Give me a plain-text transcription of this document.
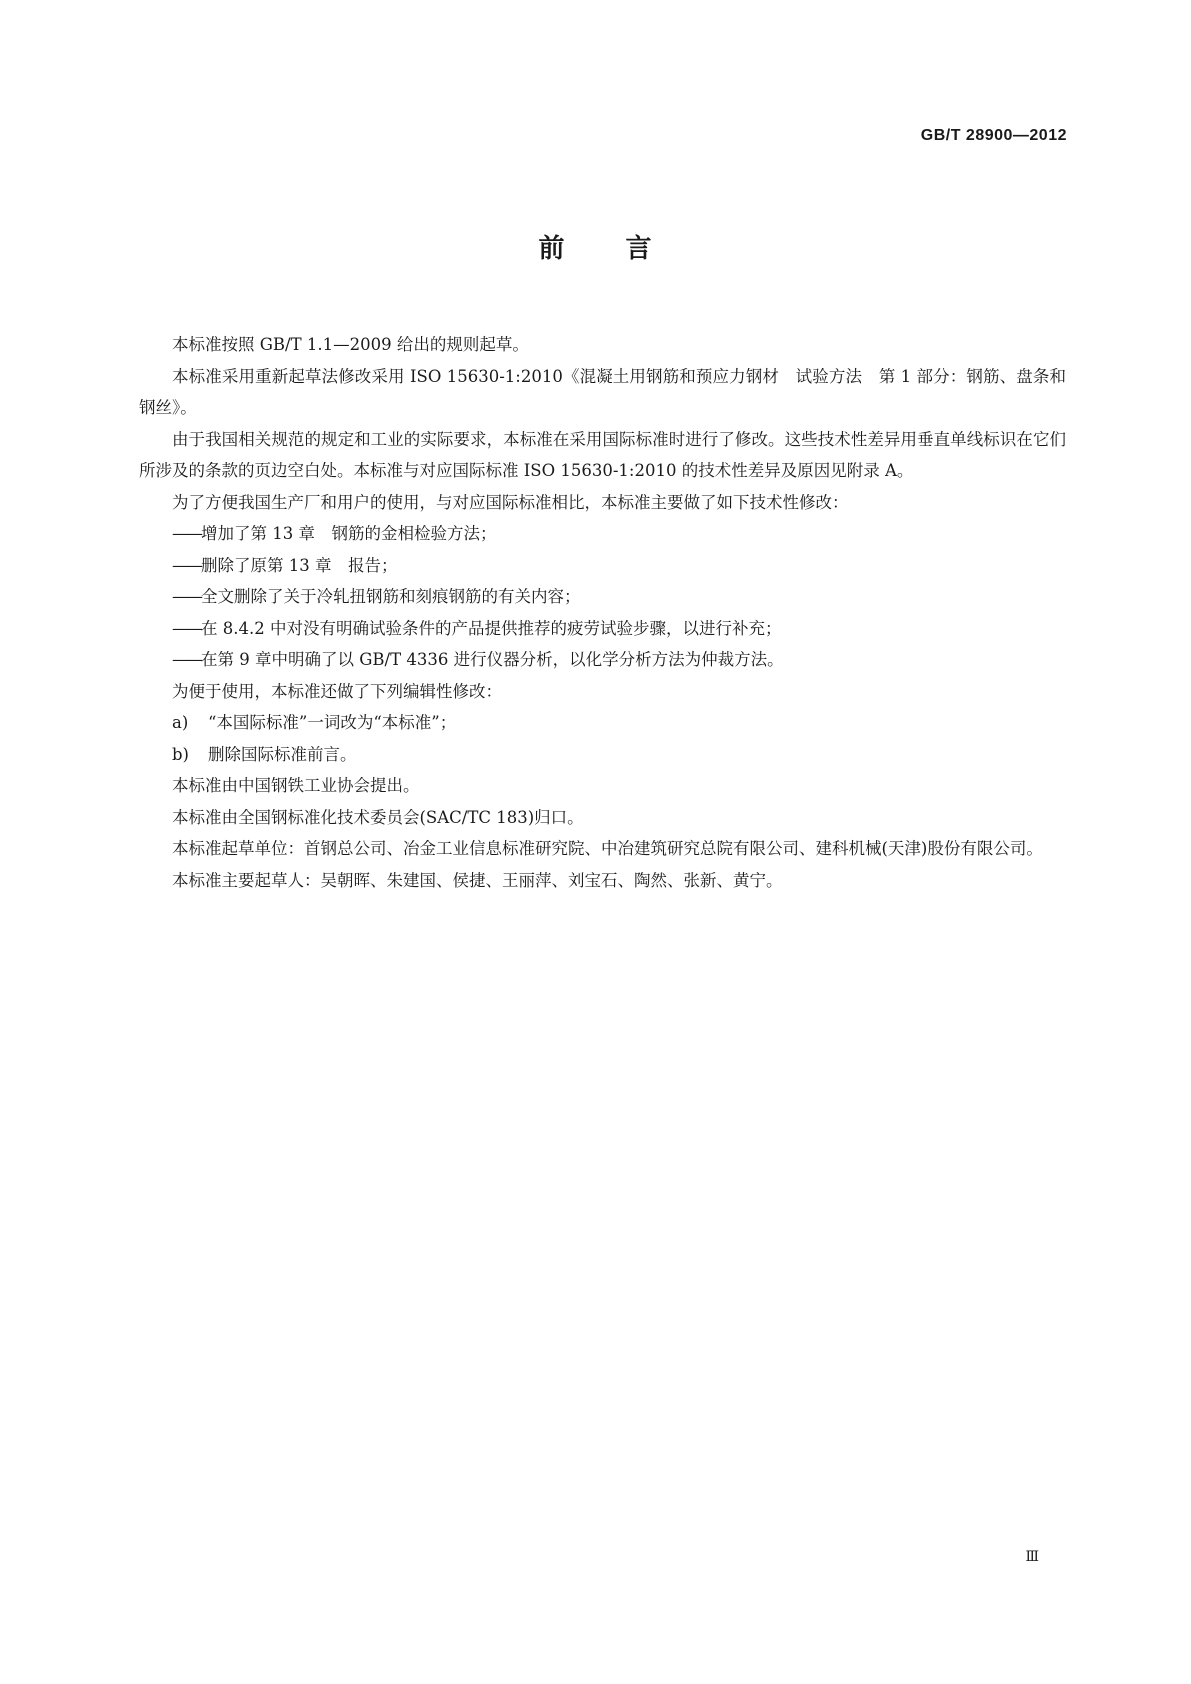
GB/T 28900—2012
前 言

本标准按照 GB/T 1.1—2009 给出的规则起草。

本标准采用重新起草法修改采用 ISO 15630-1:2010《混凝土用钢筋和预应力钢材　试验方法　第 1 部分：钢筋、盘条和钢丝》。

由于我国相关规范的规定和工业的实际要求，本标准在采用国际标准时进行了修改。这些技术性差异用垂直单线标识在它们所涉及的条款的页边空白处。本标准与对应国际标准 ISO 15630-1:2010 的技术性差异及原因见附录 A。

为了方便我国生产厂和用户的使用，与对应国际标准相比，本标准主要做了如下技术性修改：

——增加了第 13 章　钢筋的金相检验方法；

——删除了原第 13 章　报告；

——全文删除了关于冷轧扭钢筋和刻痕钢筋的有关内容；

——在 8.4.2 中对没有明确试验条件的产品提供推荐的疲劳试验步骤，以进行补充；

——在第 9 章中明确了以 GB/T 4336 进行仪器分析，以化学分析方法为仲裁方法。

为便于使用，本标准还做了下列编辑性修改：

a) “本国际标准”一词改为“本标准”；

b) 删除国际标准前言。

本标准由中国钢铁工业协会提出。

本标准由全国钢标准化技术委员会(SAC/TC 183)归口。

本标准起草单位：首钢总公司、冶金工业信息标准研究院、中冶建筑研究总院有限公司、建科机械(天津)股份有限公司。

本标准主要起草人：吴朝晖、朱建国、侯捷、王丽萍、刘宝石、陶然、张新、黄宁。

Ⅲ
